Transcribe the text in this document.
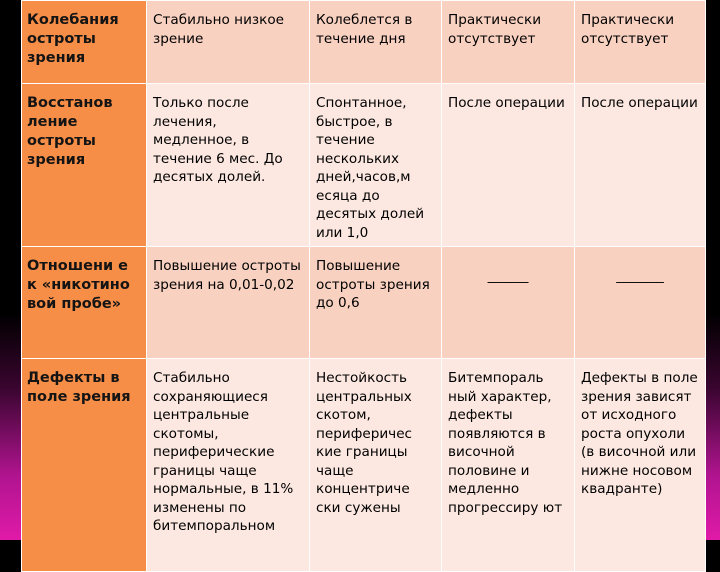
Колебания остроты зрения	Стабильно низкое зрение	Колеблется в течение дня	Практически отсутствует	Практически отсутствует
Восстанов ление остроты зрения	Только после лечения, медленное, в течение 6 мес. До десятых долей.	Спонтанное, быстрое, в течение нескольких дней,часов,м есяца до десятых долей или 1,0	После операции	После операции
Отношени е к «никотино вой пробе»	Повышение остроты зрения на 0,01-0,02	Повышение остроты зрения до 0,6	______	_______

Дефекты в поле зрения	Стабильно сохраняющиеся центральные скотомы, периферические границы чаще нормальные, в 11% изменены по битемпоральном	Нестойкость центральных скотом, периферичес кие границы чаще концентриче ски сужены	Битемпораль ный характер, дефекты появляются в височной половине и медленно прогрессиру ют	Дефекты в поле зрения зависят от исходного роста опухоли (в височной или нижне носовом квадранте)
